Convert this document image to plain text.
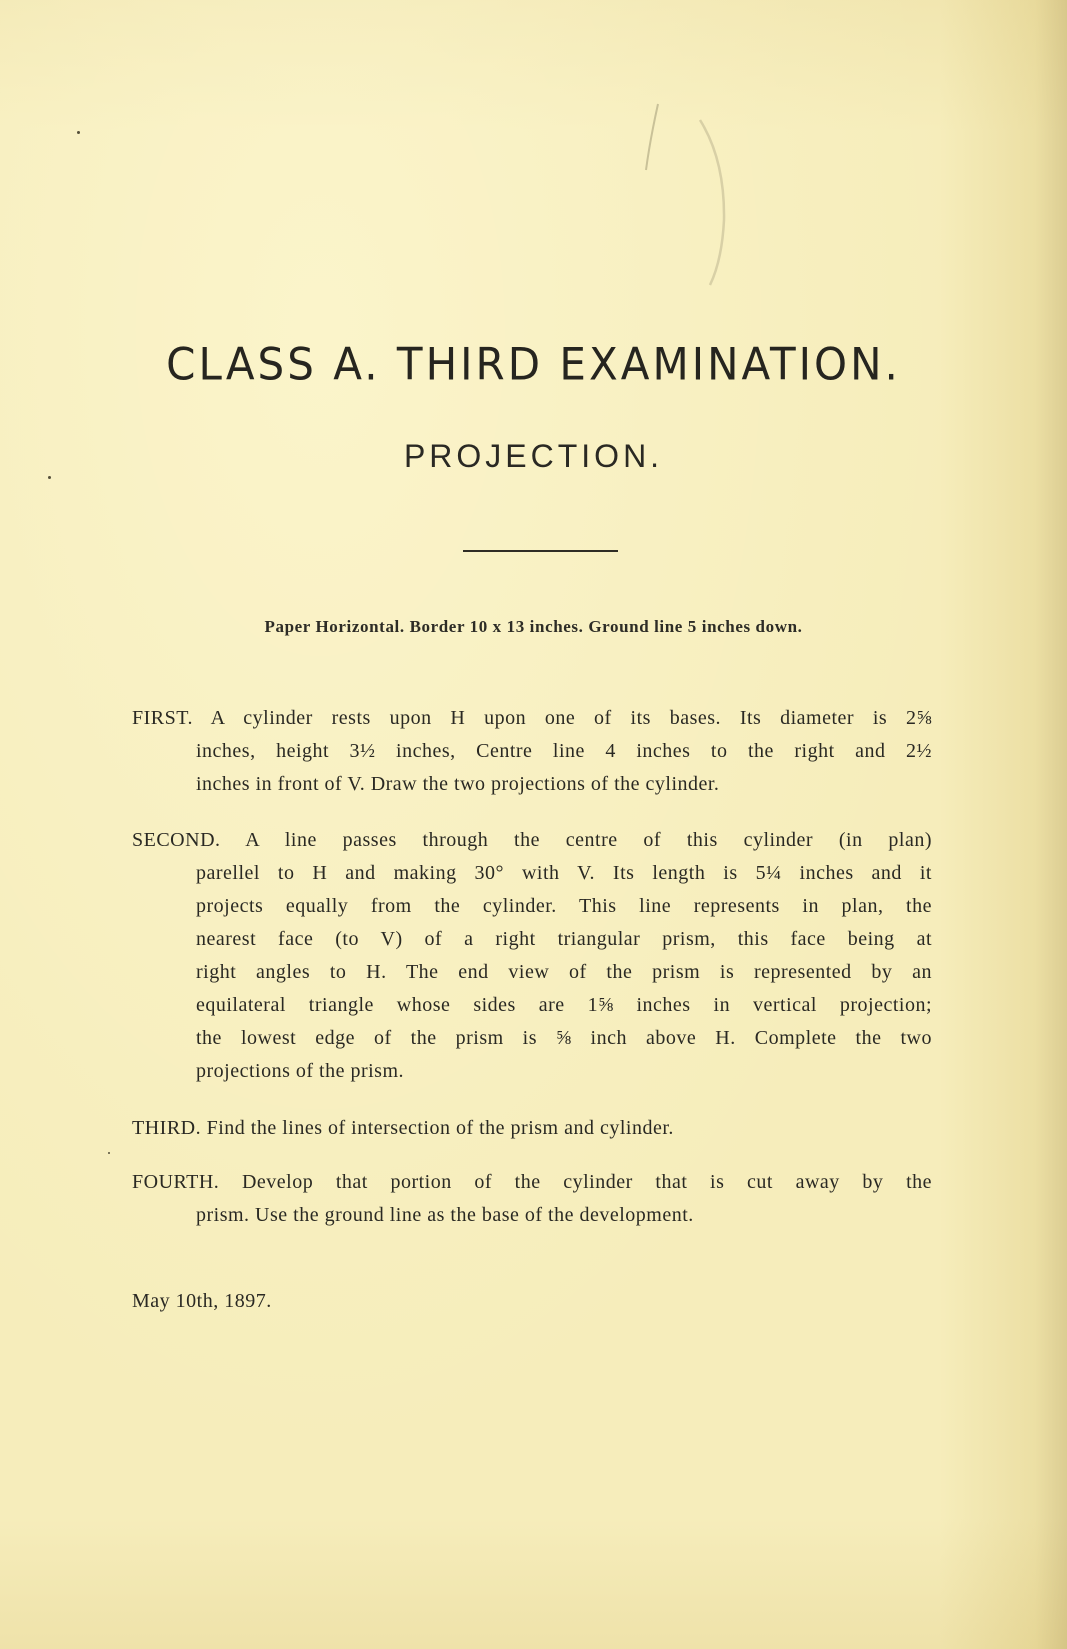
CLASS A. THIRD EXAMINATION.
PROJECTION.
Paper Horizontal. Border 10 x 13 inches. Ground line 5 inches down.
FIRST. A cylinder rests upon H upon one of its bases. Its diameter is 2⅝
inches, height 3½ inches, Centre line 4 inches to the right and 2½
inches in front of V. Draw the two projections of the cylinder.
SECOND. A line passes through the centre of this cylinder (in plan)
parellel to H and making 30° with V. Its length is 5¼ inches and it
projects equally from the cylinder. This line represents in plan, the
nearest face (to V) of a right triangular prism, this face being at
right angles to H. The end view of the prism is represented by an
equilateral triangle whose sides are 1⅝ inches in vertical projection;
the lowest edge of the prism is ⅝ inch above H. Complete the two
projections of the prism.
THIRD. Find the lines of intersection of the prism and cylinder.
FOURTH. Develop that portion of the cylinder that is cut away by the
prism. Use the ground line as the base of the development.
May 10th, 1897.
